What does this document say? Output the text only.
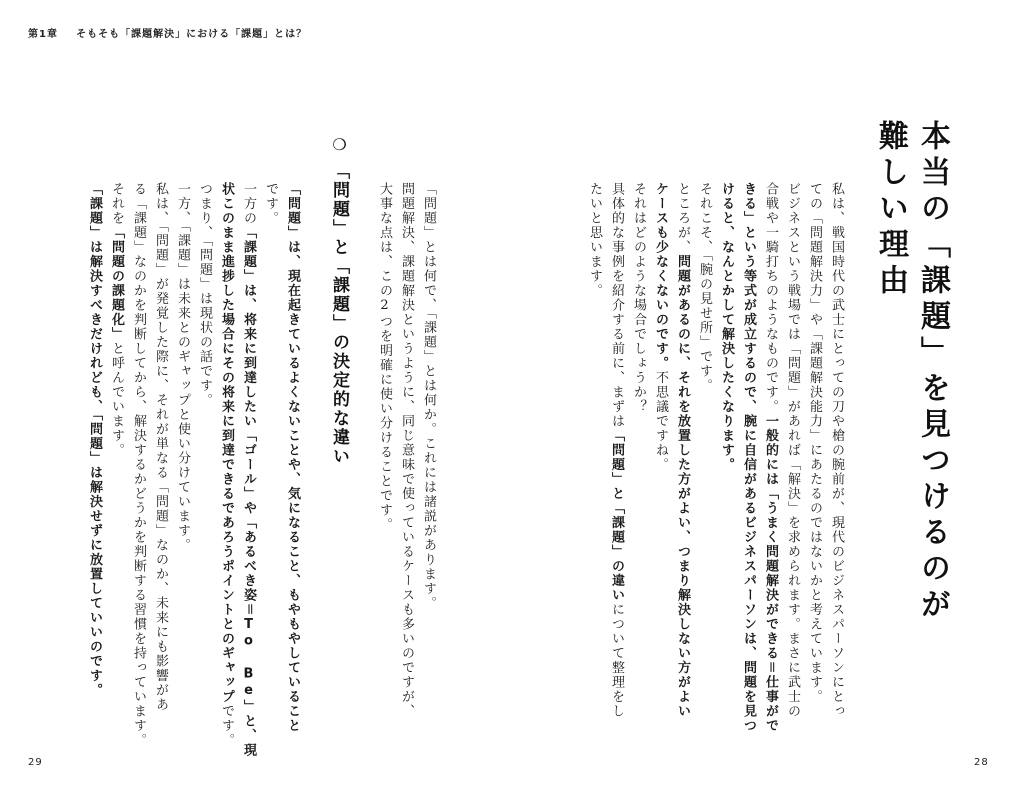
第1章 そもそも「課題解決」における「課題」とは？
29	28
本当の「課題」を見つけるのが
難しい理由
私は、戦国時代の武士にとっての刀や槍の腕前が、現代のビジネスパーソンにとっ
ての「問題解決力」や「課題解決能力」にあたるのではないかと考えています。
ビジネスという戦場では「問題」があれば「解決」を求められます。まさに武士の
合戦や一騎打ちのようなものです。一般的には「うまく問題解決ができる＝仕事がで
きる」という等式が成立するので、腕に自信があるビジネスパーソンは、問題を見つ
けると、なんとかして解決したくなります。
それこそ、「腕の見せ所」です。
ところが、問題があるのに、それを放置した方がよい、つまり解決しない方がよい
ケースも少なくないのです。不思議ですね。
それはどのような場合でしょうか？
具体的な事例を紹介する前に、まずは「問題」と「課題」の違いについて整理をし
たいと思います。
「問題」とは何で、「課題」とは何か。これには諸説があります。
問題解決、課題解決というように、同じ意味で使っているケースも多いのですが、
大事な点は、この2つを明確に使い分けることです。
❍「問題」と「課題」の決定的な違い
「問題」は、現在起きているよくないことや、気になること、もやもやしていること
です。
一方の「課題」は、将来に到達したい「ゴール」や「あるべき姿＝To Be」と、現
状このまま進捗した場合にその将来に到達できるであろうポイントとのギャップです。
つまり、「問題」は現状の話です。
一方、「課題」は未来とのギャップと使い分けています。
私は、「問題」が発覚した際に、それが単なる「問題」なのか、未来にも影響があ
る「課題」なのかを判断してから、解決するかどうかを判断する習慣を持っています。
それを「問題の課題化」と呼んでいます。
「課題」は解決すべきだけれども、「問題」は解決せずに放置していいのです。
